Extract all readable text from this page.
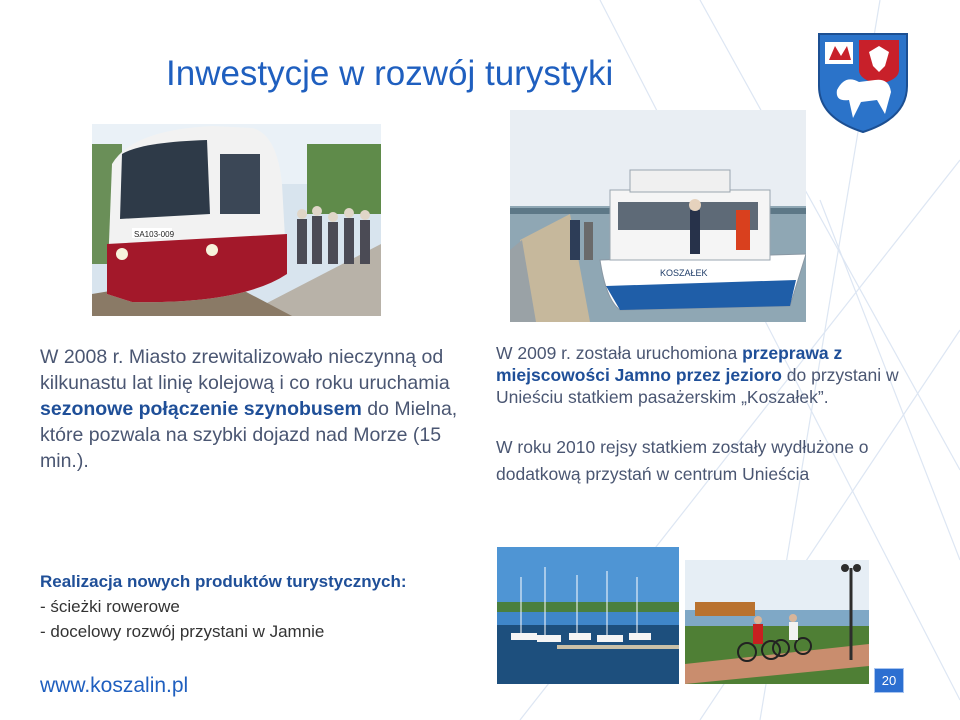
Inwestycje w rozwój turystyki
SA103-009
KOSZAŁEK
W 2008 r. Miasto zrewitalizowało nieczynną od kilkunastu lat linię kolejową i co roku uruchamia sezonowe połączenie szynobusem do Mielna, które pozwala na szybki dojazd nad Morze (15 min.).
W 2009 r. została uruchomiona przeprawa z miejscowości Jamno przez jezioro do przystani w Unieściu statkiem pasażerskim „Koszałek”.
W roku 2010 rejsy statkiem zostały wydłużone o dodatkową przystań w centrum Unieścia
Realizacja nowych produktów turystycznych:
- ścieżki rowerowe
- docelowy rozwój przystani w Jamnie
www.koszalin.pl	20
